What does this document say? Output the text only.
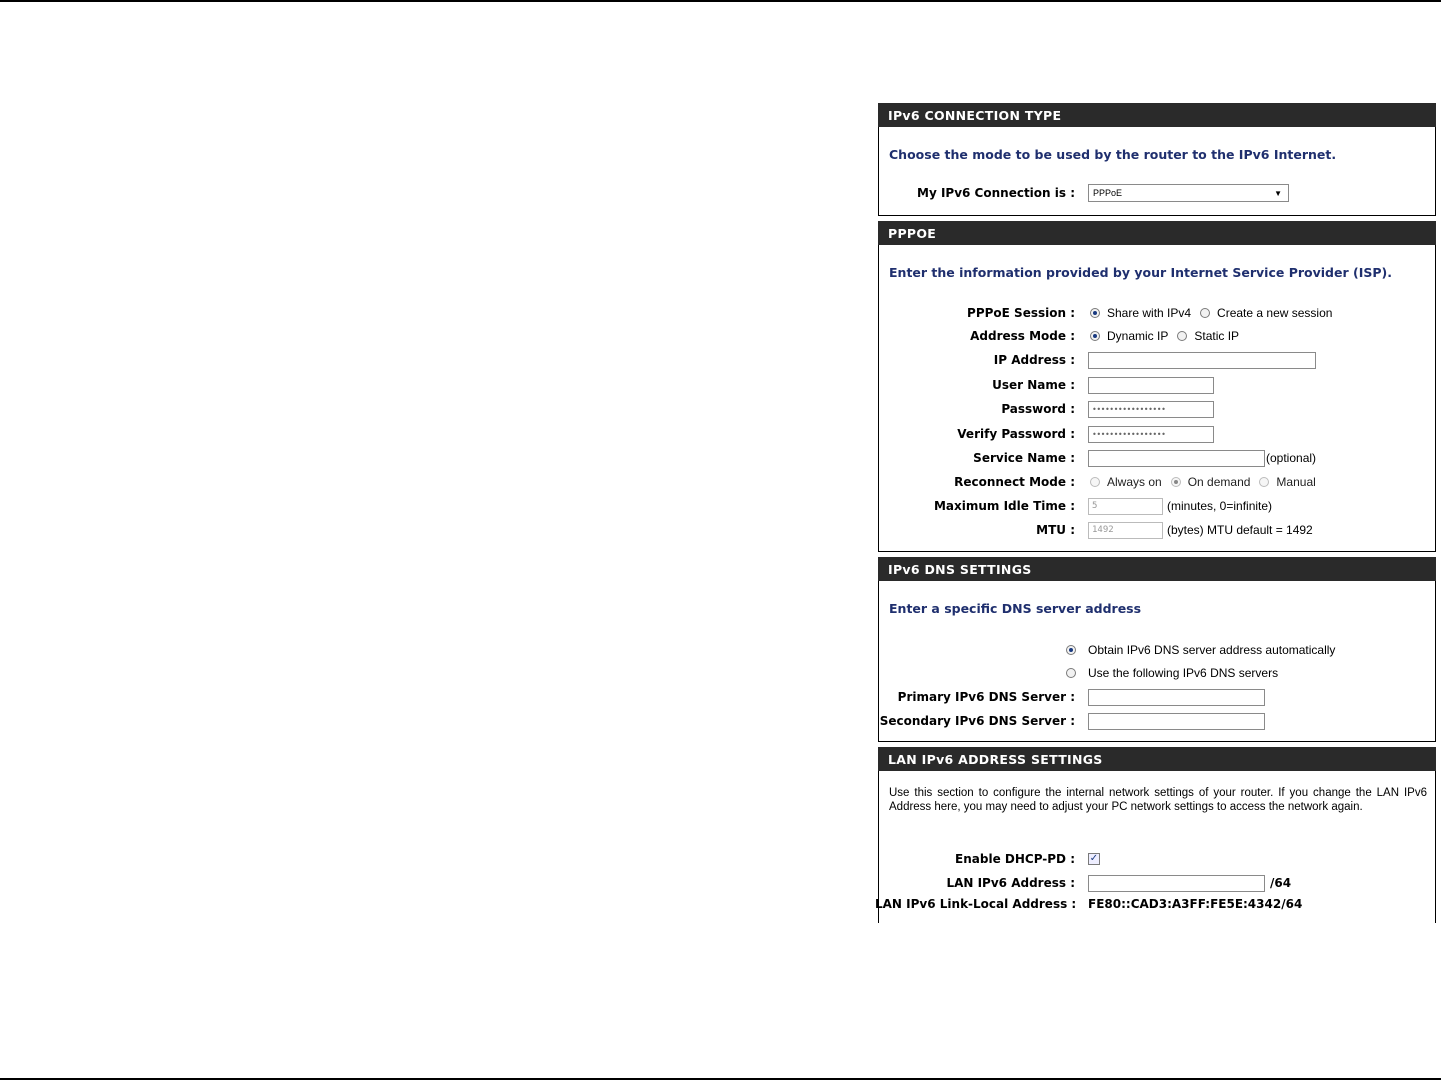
IPv6 CONNECTION TYPE
Choose the mode to be used by the router to the IPv6 Internet.
My IPv6 Connection is :	PPPoE	▼
PPPOE
Enter the information provided by your Internet Service Provider (ISP).
PPPoE Session :	Share with IPv4 Create a new session
Address Mode :	Dynamic IP Static IP
IP Address :
User Name :
Password :	•••••••••••••••••
Verify Password :	•••••••••••••••••
Service Name :	(optional)
Reconnect Mode :	Always on On demand Manual
Maximum Idle Time :	5	(minutes, 0=infinite)
MTU :	1492	(bytes) MTU default = 1492
IPv6 DNS SETTINGS
Enter a specific DNS server address
Obtain IPv6 DNS server address automatically
Use the following IPv6 DNS servers
Primary IPv6 DNS Server :
Secondary IPv6 DNS Server :
LAN IPv6 ADDRESS SETTINGS
Use this section to configure the internal network settings of your router. If you change the LAN IPv6 Address here, you may need to adjust your PC network settings to access the network again.
Enable DHCP-PD : ✓
LAN IPv6 Address :	/64
LAN IPv6 Link-Local Address : FE80::CAD3:A3FF:FE5E:4342/64
